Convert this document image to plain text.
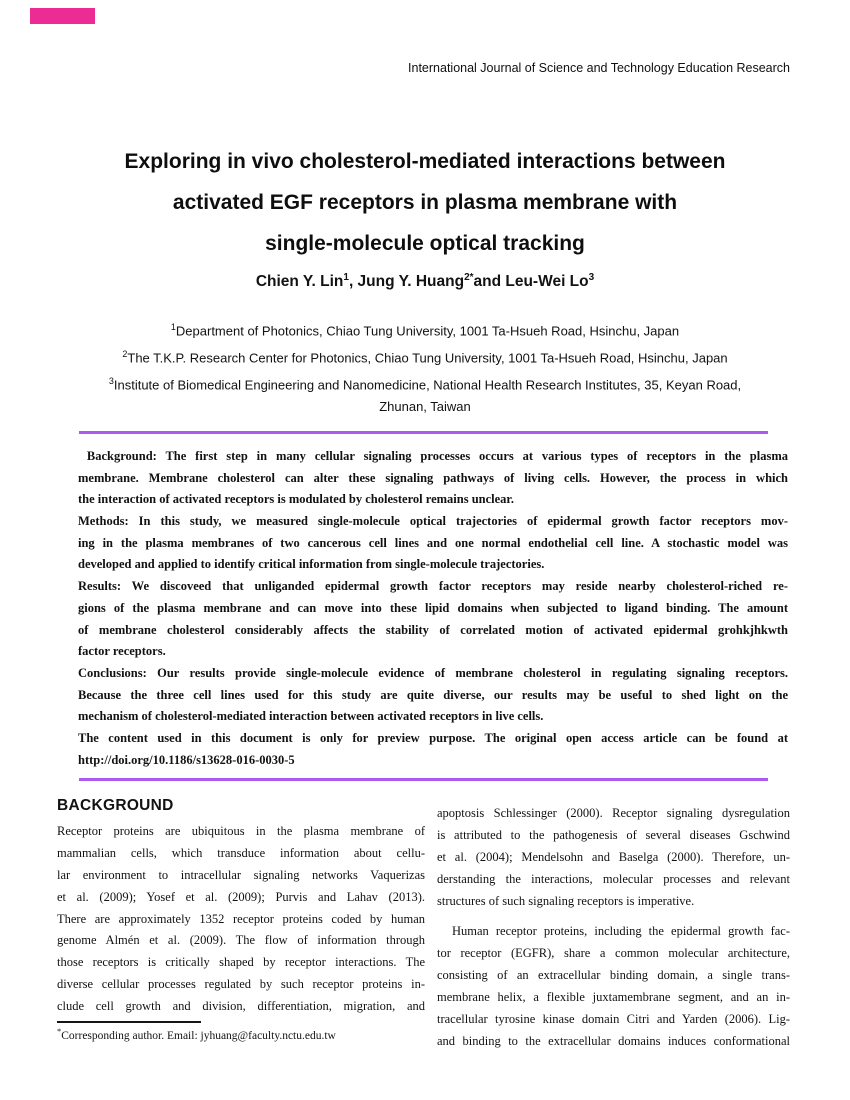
International Journal of Science and Technology Education Research
Exploring in vivo cholesterol-mediated interactions between
activated EGF receptors in plasma membrane with
single-molecule optical tracking
Chien Y. Lin$^1$, Jung Y. Huang$^{2*}$and Leu-Wei Lo$^3$
$^1$Department of Photonics, Chiao Tung University, 1001 Ta-Hsueh Road, Hsinchu, Japan
$^2$The T.K.P. Research Center for Photonics, Chiao Tung University, 1001 Ta-Hsueh Road, Hsinchu, Japan
$^3$Institute of Biomedical Engineering and Nanomedicine, National Health Research Institutes, 35, Keyan Road,
Zhunan, Taiwan
Background: The first step in many cellular signaling processes occurs at various types of receptors in the plasma
membrane. Membrane cholesterol can alter these signaling pathways of living cells. However, the process in which
the interaction of activated receptors is modulated by cholesterol remains unclear.
Methods: In this study, we measured single-molecule optical trajectories of epidermal growth factor receptors mov-
ing in the plasma membranes of two cancerous cell lines and one normal endothelial cell line. A stochastic model was
developed and applied to identify critical information from single-molecule trajectories.
Results: We discoveed that unliganded epidermal growth factor receptors may reside nearby cholesterol-riched re-
gions of the plasma membrane and can move into these lipid domains when subjected to ligand binding. The amount
of membrane cholesterol considerably affects the stability of correlated motion of activated epidermal grohkjhkwth
factor receptors.
Conclusions: Our results provide single-molecule evidence of membrane cholesterol in regulating signaling receptors.
Because the three cell lines used for this study are quite diverse, our results may be useful to shed light on the
mechanism of cholesterol-mediated interaction between activated receptors in live cells.
The content used in this document is only for preview purpose. The original open access article can be found at
http://doi.org/10.1186/s13628-016-0030-5
BACKGROUND
Receptor proteins are ubiquitous in the plasma membrane of
mammalian cells, which transduce information about cellu-
lar environment to intracellular signaling networks Vaquerizas
et al. (2009); Yosef et al. (2009); Purvis and Lahav (2013).
There are approximately 1352 receptor proteins coded by human
genome Almén et al. (2009). The flow of information through
those receptors is critically shaped by receptor interactions. The
diverse cellular processes regulated by such receptor proteins in-
clude cell growth and division, differentiation, migration, and
apoptosis Schlessinger (2000). Receptor signaling dysregulation
is attributed to the pathogenesis of several diseases Gschwind
et al. (2004); Mendelsohn and Baselga (2000). Therefore, un-
derstanding the interactions, molecular processes and relevant
structures of such signaling receptors is imperative.
Human receptor proteins, including the epidermal growth fac-
tor receptor (EGFR), share a common molecular architecture,
consisting of an extracellular binding domain, a single trans-
membrane helix, a flexible juxtamembrane segment, and an in-
tracellular tyrosine kinase domain Citri and Yarden (2006). Lig-
and binding to the extracellular domains induces conformational
*Corresponding author. Email: jyhuang@faculty.nctu.edu.tw
